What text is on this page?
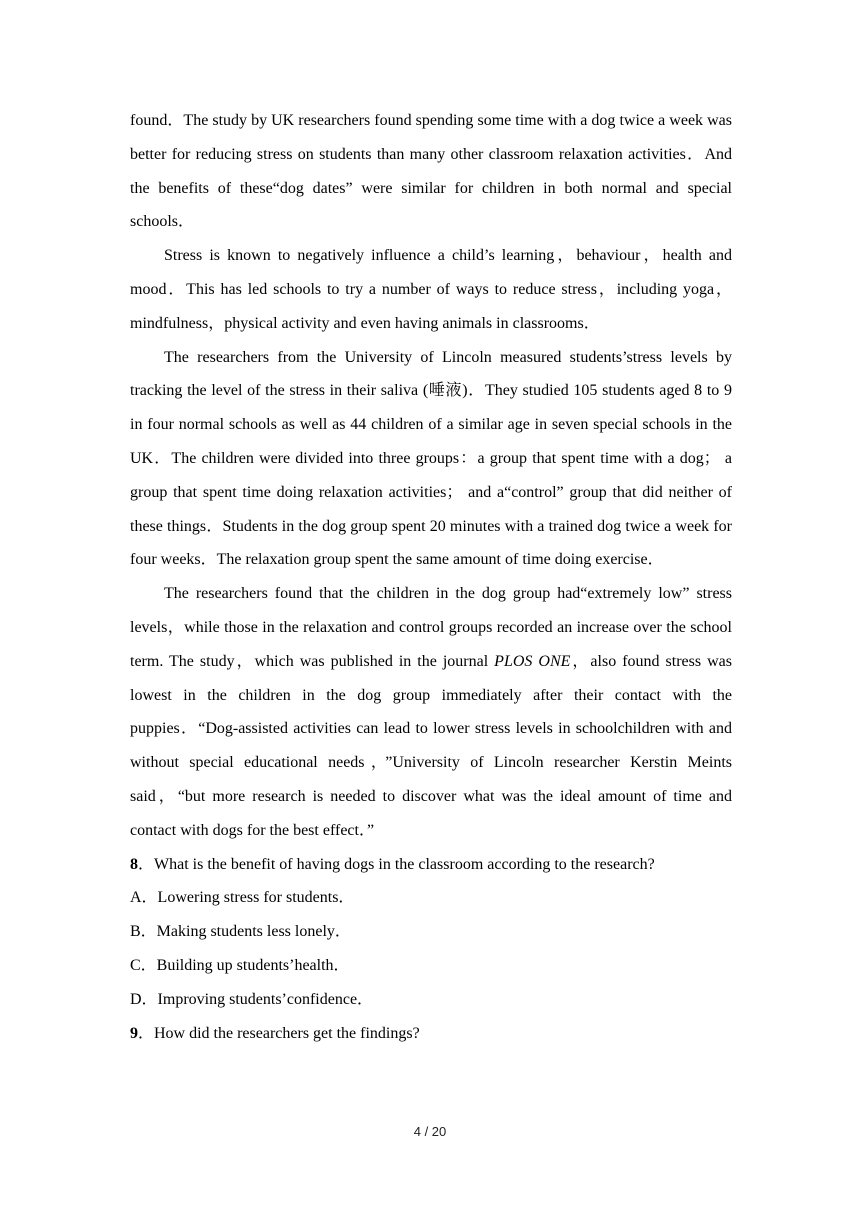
found．The study by UK researchers found spending some time with a dog twice a week was better for reducing stress on students than many other classroom relaxation activities．And the benefits of these“dog dates” were similar for children in both normal and special schools．

Stress is known to negatively influence a child’s learning，behaviour，health and mood．This has led schools to try a number of ways to reduce stress，including yoga，mindfulness，physical activity and even having animals in classrooms．

The researchers from the University of Lincoln measured students’stress levels by tracking the level of the stress in their saliva (唾液)．They studied 105 students aged 8 to 9 in four normal schools as well as 44 children of a similar age in seven special schools in the UK．The children were divided into three groups：a group that spent time with a dog； a group that spent time doing relaxation activities； and a“control” group that did neither of these things．Students in the dog group spent 20 minutes with a trained dog twice a week for four weeks．The relaxation group spent the same amount of time doing exercise．

The researchers found that the children in the dog group had“extremely low” stress levels，while those in the relaxation and control groups recorded an increase over the school term. The study，which was published in the journal PLOS ONE，also found stress was lowest in the children in the dog group immediately after their contact with the puppies．“Dog-assisted activities can lead to lower stress levels in schoolchildren with and without special educational needs，”University of Lincoln researcher Kerstin Meints said，“but more research is needed to discover what was the ideal amount of time and contact with dogs for the best effect．”

8．What is the benefit of having dogs in the classroom according to the research?

A．Lowering stress for students．

B．Making students less lonely．

C．Building up students’health．

D．Improving students’confidence．

9．How did the researchers get the findings?

4 / 20
